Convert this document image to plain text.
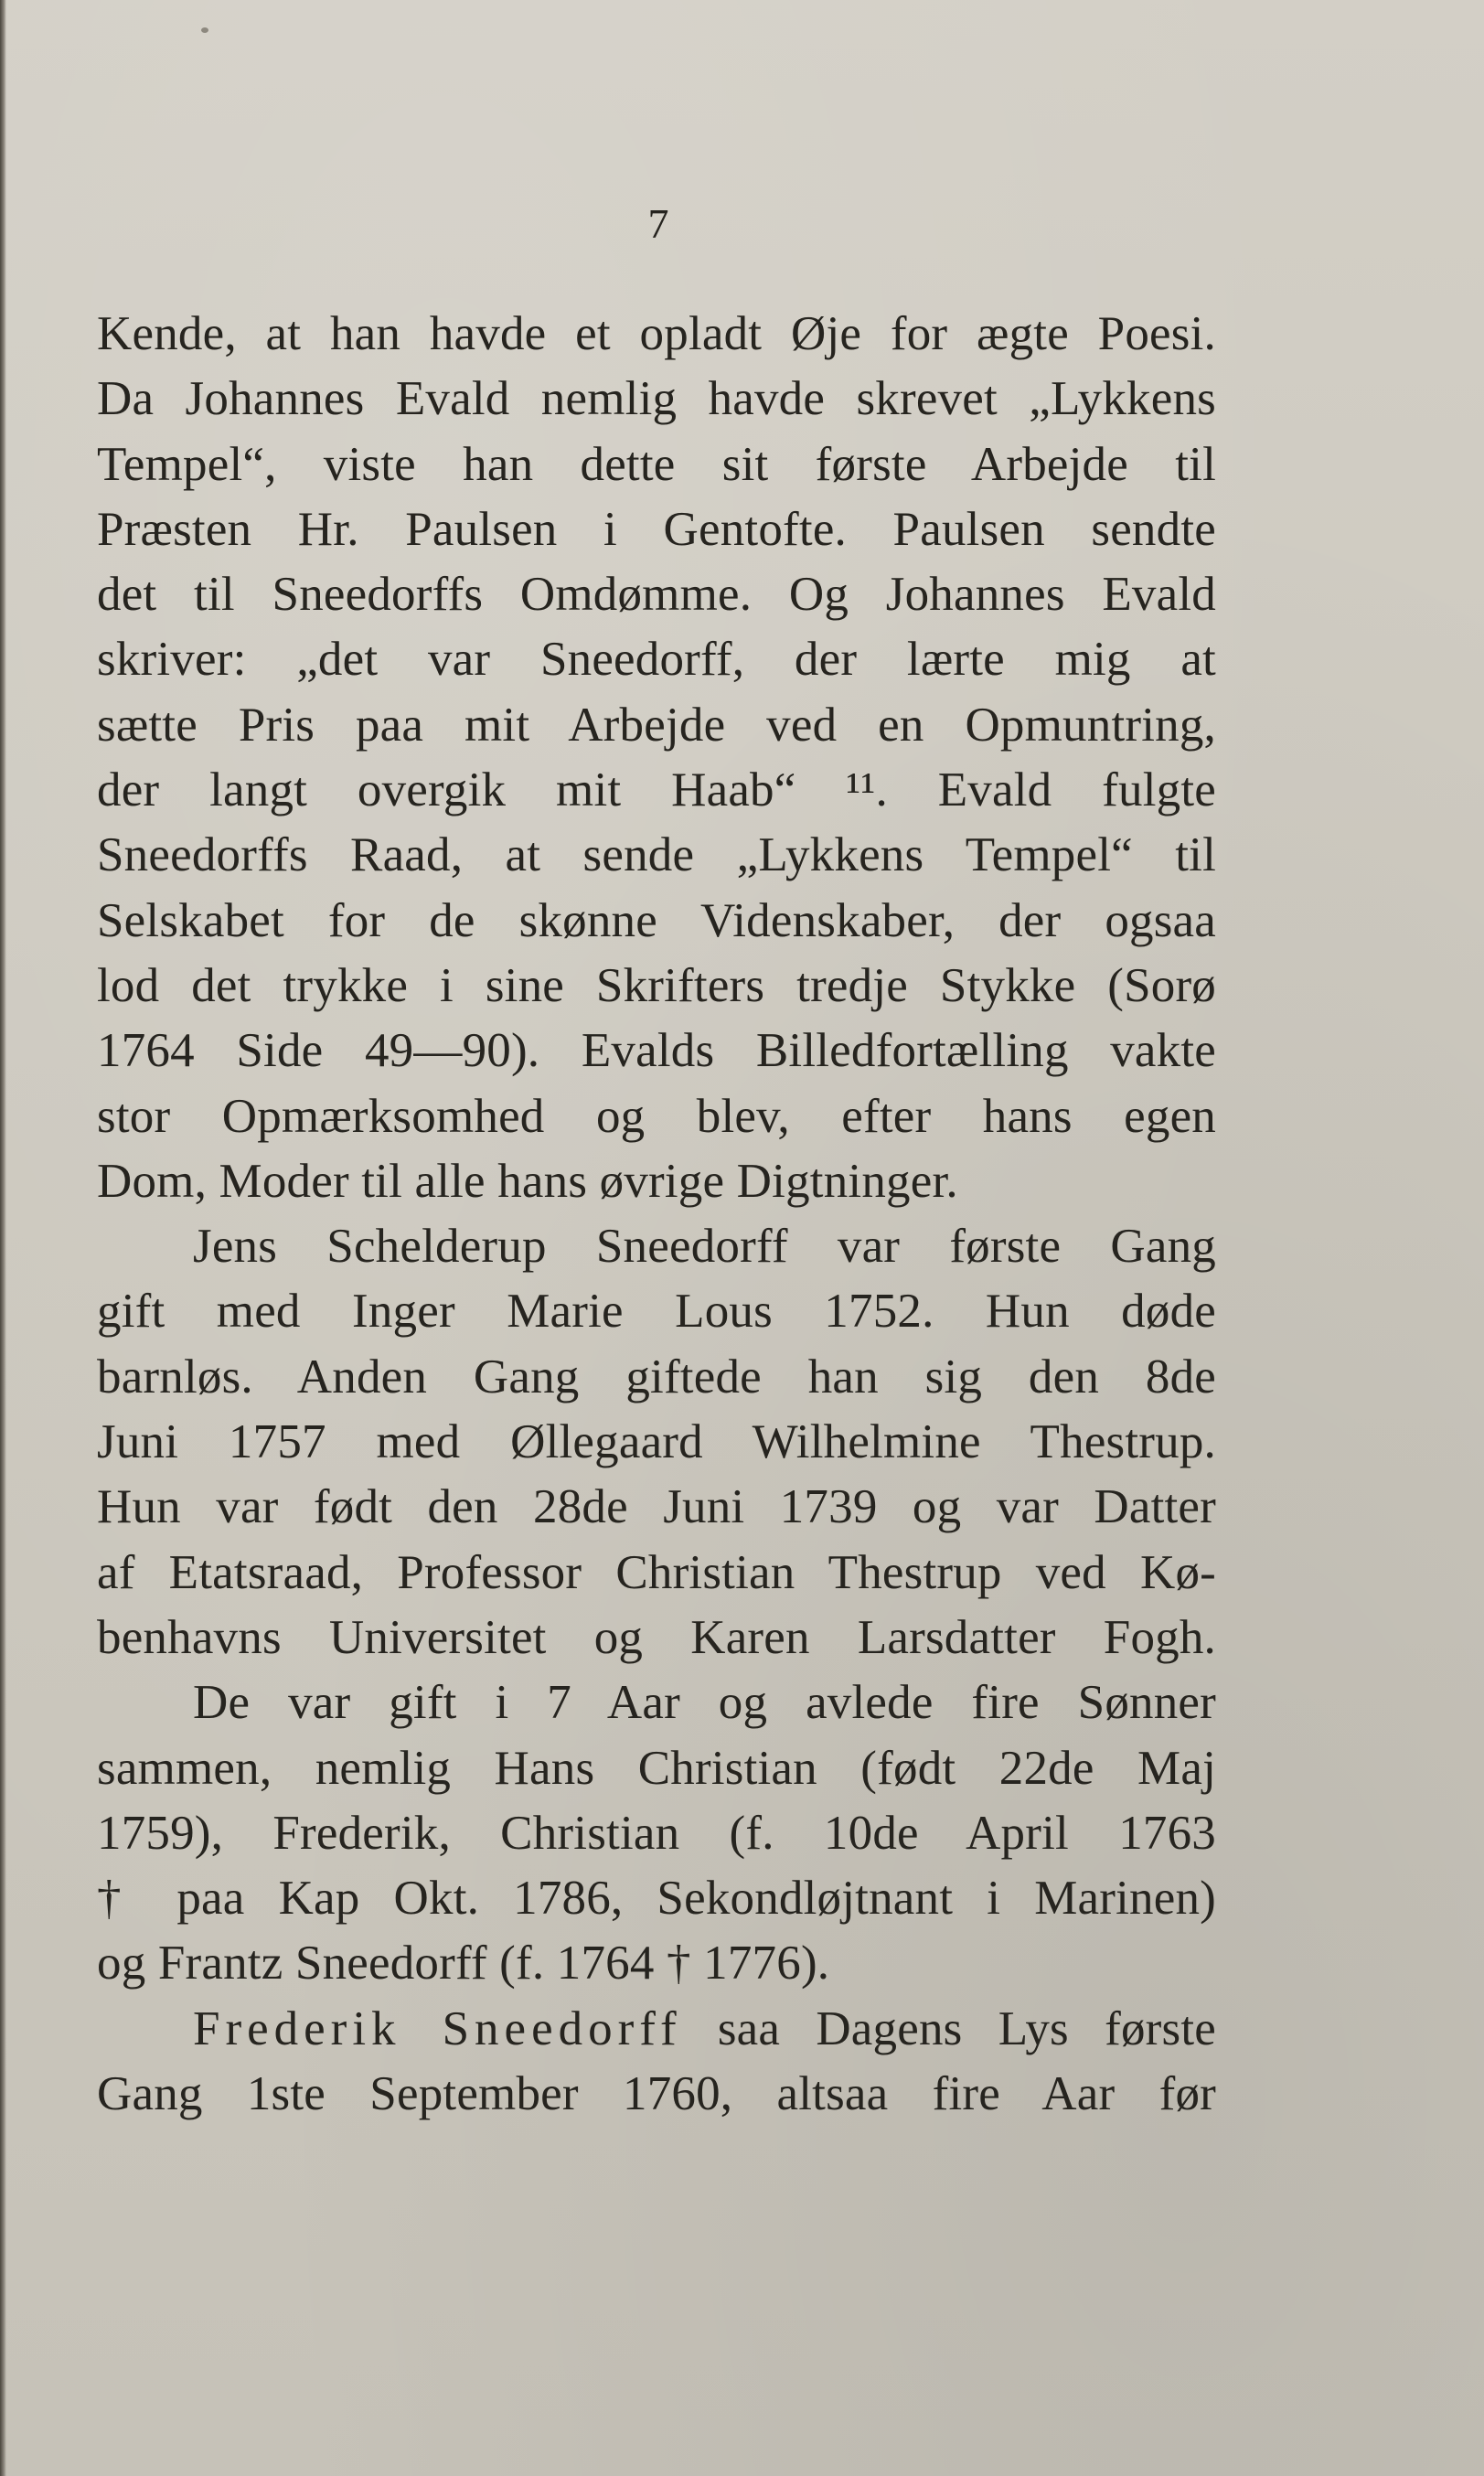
7
Kende, at han havde et opladt Øje for ægte Poesi.
Da Johannes Evald nemlig havde skrevet „Lykkens
Tempel“, viste han dette sit første Arbejde til
Præsten Hr. Paulsen i Gentofte. Paulsen sendte
det til Sneedorffs Omdømme. Og Johannes Evald
skriver: „det var Sneedorff, der lærte mig at
sætte Pris paa mit Arbejde ved en Opmuntring,
der langt overgik mit Haab“ ¹¹. Evald fulgte
Sneedorffs Raad, at sende „Lykkens Tempel“ til
Selskabet for de skønne Videnskaber, der ogsaa
lod det trykke i sine Skrifters tredje Stykke (Sorø
1764 Side 49—90). Evalds Billedfortælling vakte
stor Opmærksomhed og blev, efter hans egen
Dom, Moder til alle hans øvrige Digtninger.
Jens Schelderup Sneedorff var første Gang
gift med Inger Marie Lous 1752. Hun døde
barnløs. Anden Gang giftede han sig den 8de
Juni 1757 med Øllegaard Wilhelmine Thestrup.
Hun var født den 28de Juni 1739 og var Datter
af Etatsraad, Professor Christian Thestrup ved Kø-
benhavns Universitet og Karen Larsdatter Fogh.
De var gift i 7 Aar og avlede fire Sønner
sammen, nemlig Hans Christian (født 22de Maj
1759), Frederik, Christian (f. 10de April 1763
† paa Kap Okt. 1786, Sekondløjtnant i Marinen)
og Frantz Sneedorff (f. 1764 † 1776).
Frederik Sneedorff saa Dagens Lys første
Gang 1ste September 1760, altsaa fire Aar før
